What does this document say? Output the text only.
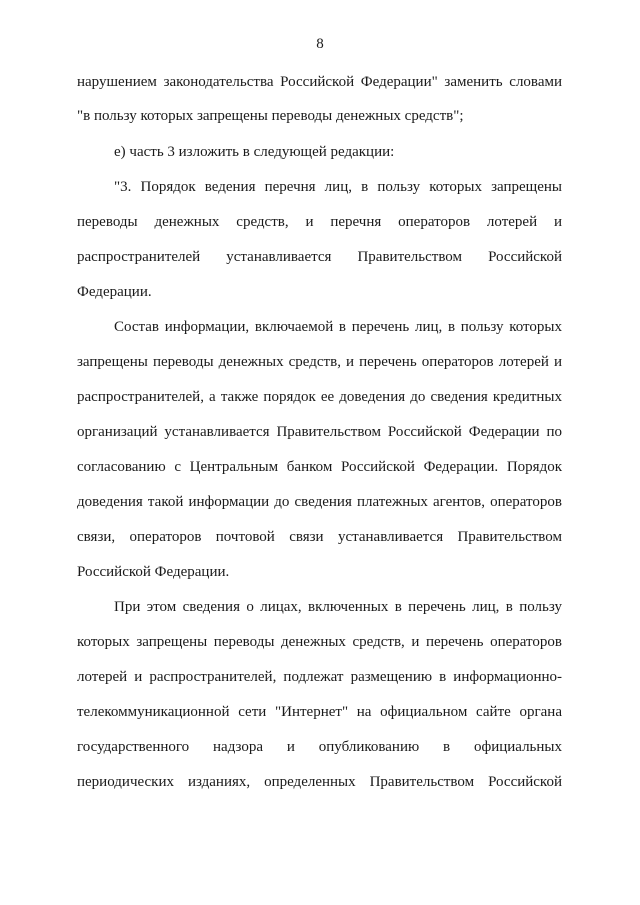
8
нарушением законодательства Российской Федерации" заменить словами
"в пользу которых запрещены переводы денежных средств";
е) часть 3 изложить в следующей редакции:
"3. Порядок ведения перечня лиц, в пользу которых запрещены
переводы денежных средств, и перечня операторов лотерей и
распространителей устанавливается Правительством Российской
Федерации.
Состав информации, включаемой в перечень лиц, в пользу которых
запрещены переводы денежных средств, и перечень операторов лотерей и
распространителей, а также порядок ее доведения до сведения кредитных
организаций устанавливается Правительством Российской Федерации по
согласованию с Центральным банком Российской Федерации. Порядок
доведения такой информации до сведения платежных агентов, операторов
связи, операторов почтовой связи устанавливается Правительством
Российской Федерации.
При этом сведения о лицах, включенных в перечень лиц, в пользу
которых запрещены переводы денежных средств, и перечень операторов
лотерей и распространителей, подлежат размещению в информационно-
телекоммуникационной сети "Интернет" на официальном сайте органа
государственного надзора и опубликованию в официальных
периодических изданиях, определенных Правительством Российской
